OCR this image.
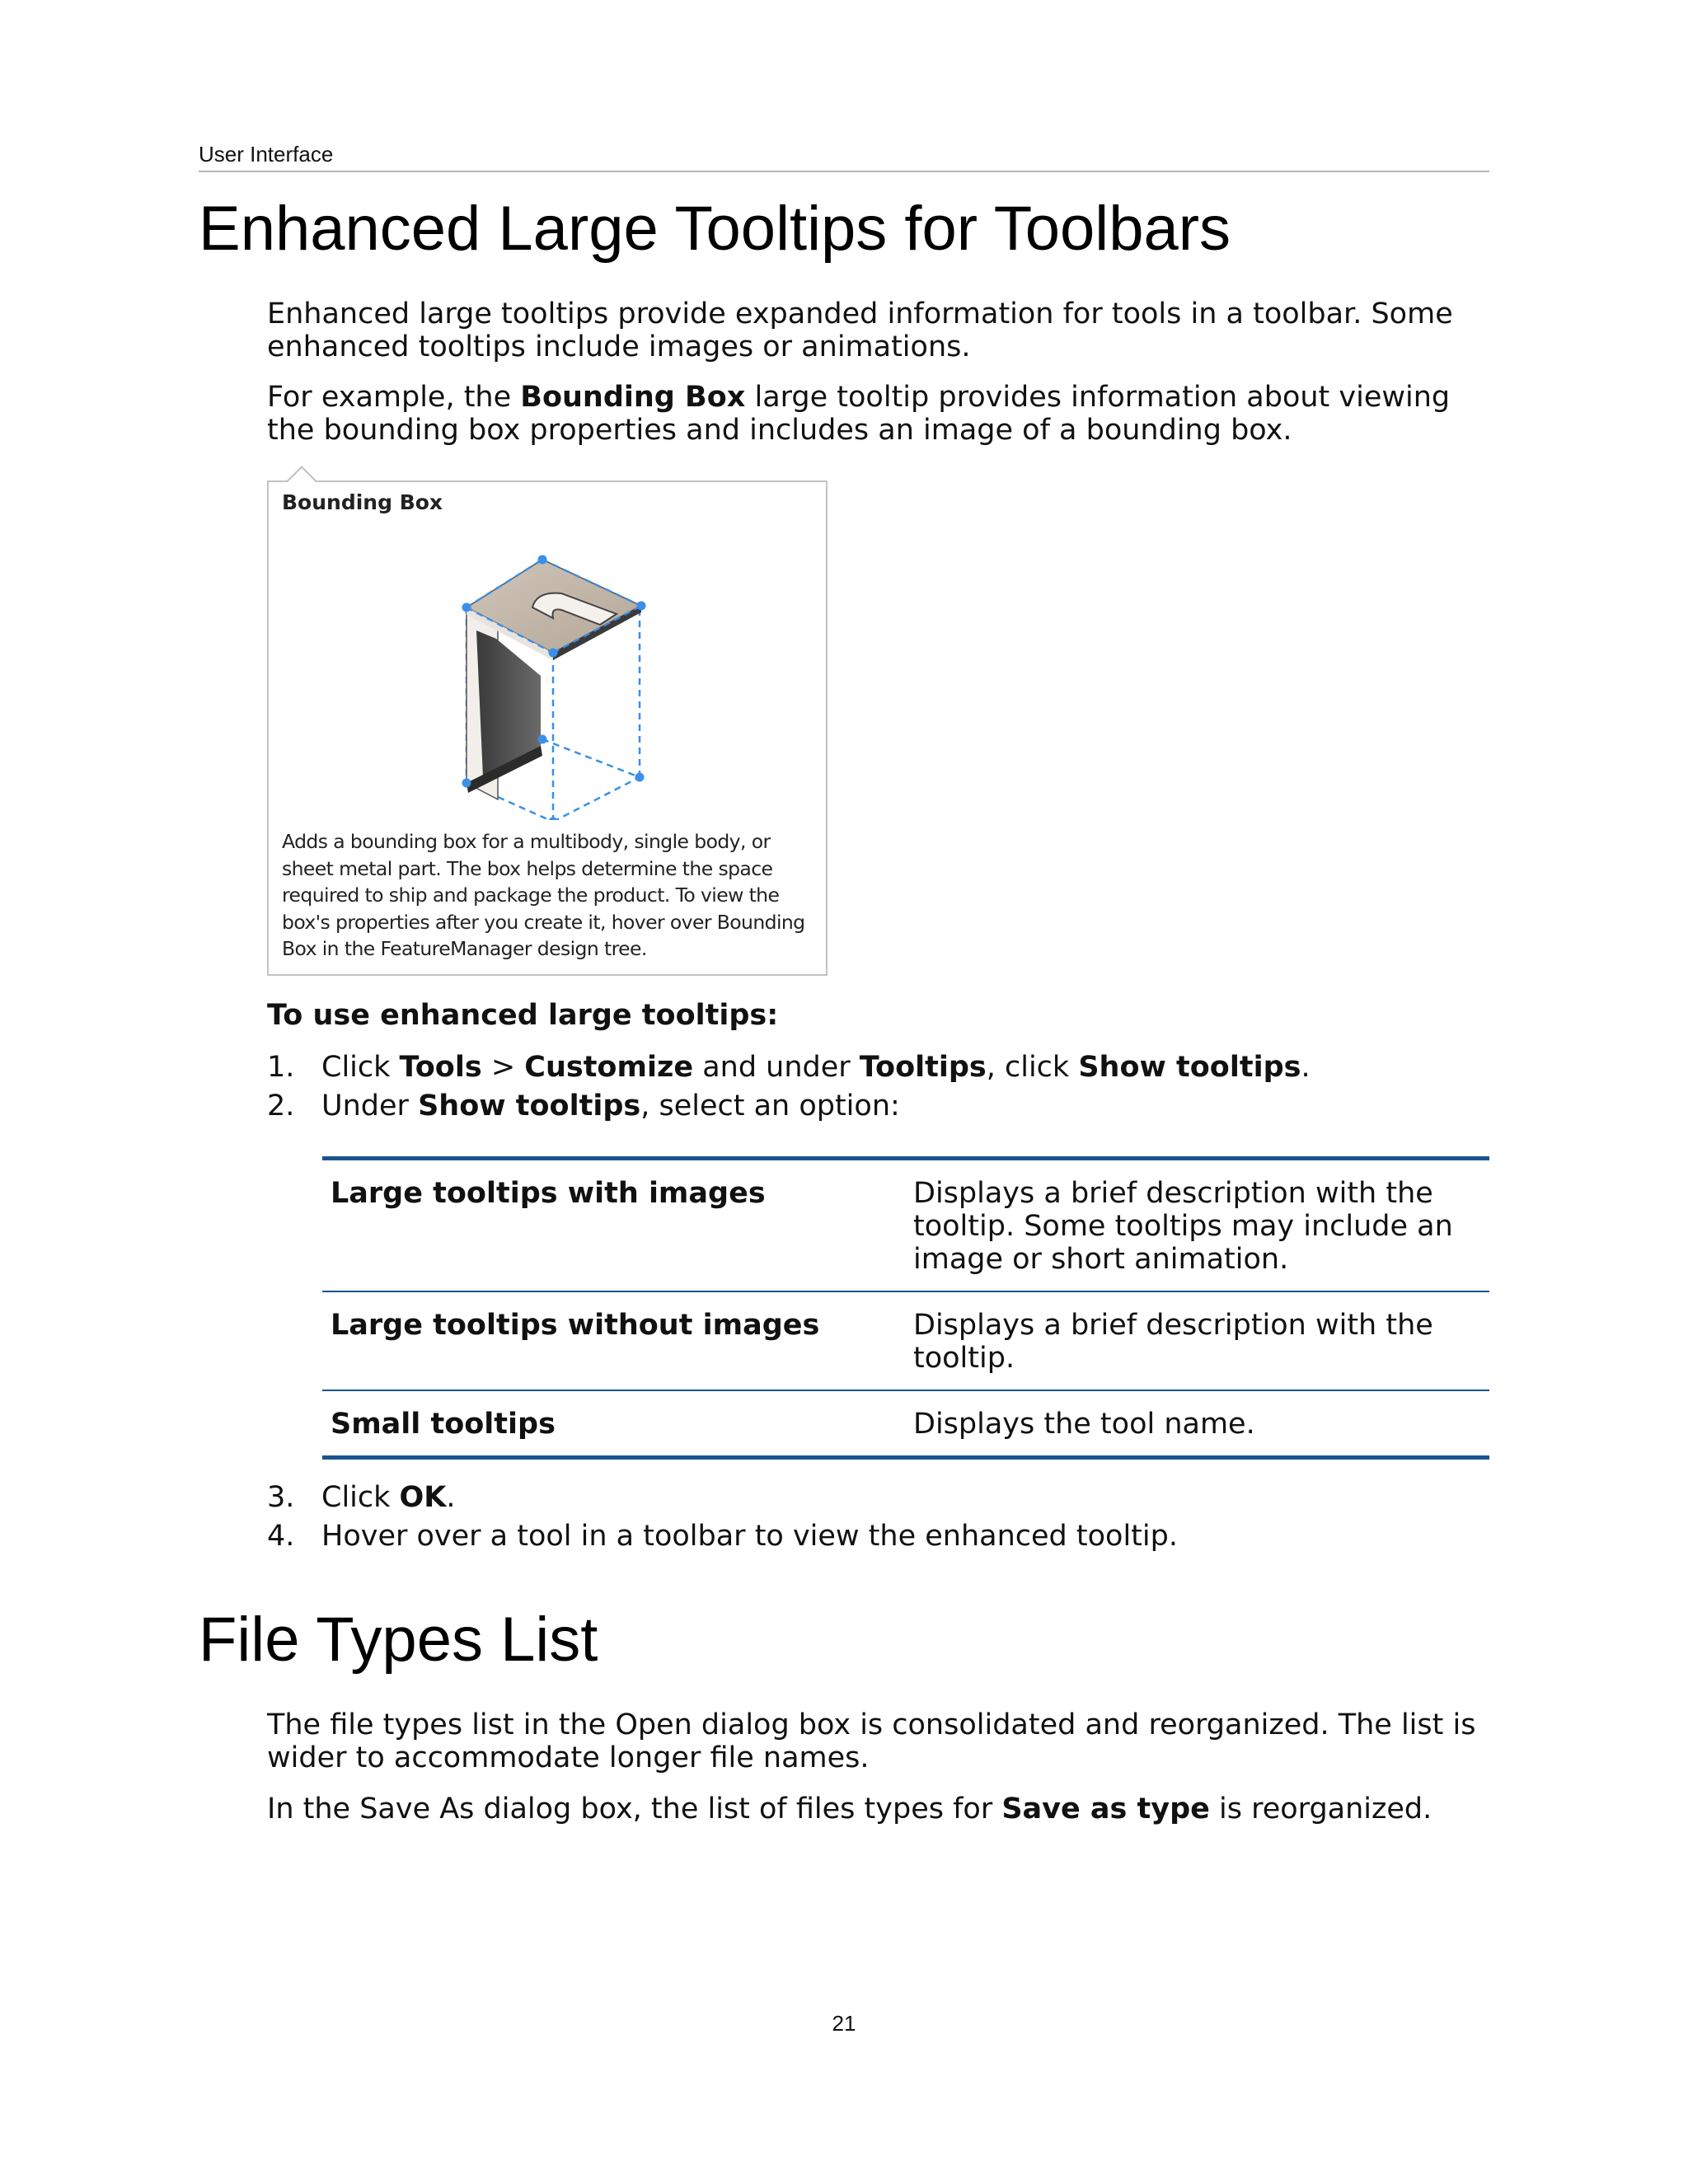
User Interface
Enhanced Large Tooltips for Toolbars

Enhanced large tooltips provide expanded information for tools in a toolbar. Some enhanced tooltips include images or animations.

For example, the Bounding Box large tooltip provides information about viewing the bounding box properties and includes an image of a bounding box.

Bounding Box
Adds a bounding box for a multibody, single body, or
sheet metal part. The box helps determine the space
required to ship and package the product. To view the
box's properties after you create it, hover over Bounding
Box in the FeatureManager design tree.

To use enhanced large tooltips:

1. Click Tools > Customize and under Tooltips, click Show tooltips.
2. Under Show tooltips, select an option:
Large tooltips with images	Displays a brief description with the
tooltip. Some tooltips may include an
image or short animation.

Large tooltips without images	Displays a brief description with the
tooltip.

Small tooltips	Displays the tool name.
3. Click OK.
4. Hover over a tool in a toolbar to view the enhanced tooltip.
File Types List

The file types list in the Open dialog box is consolidated and reorganized. The list is wider to accommodate longer file names.

In the Save As dialog box, the list of files types for Save as type is reorganized.

21
